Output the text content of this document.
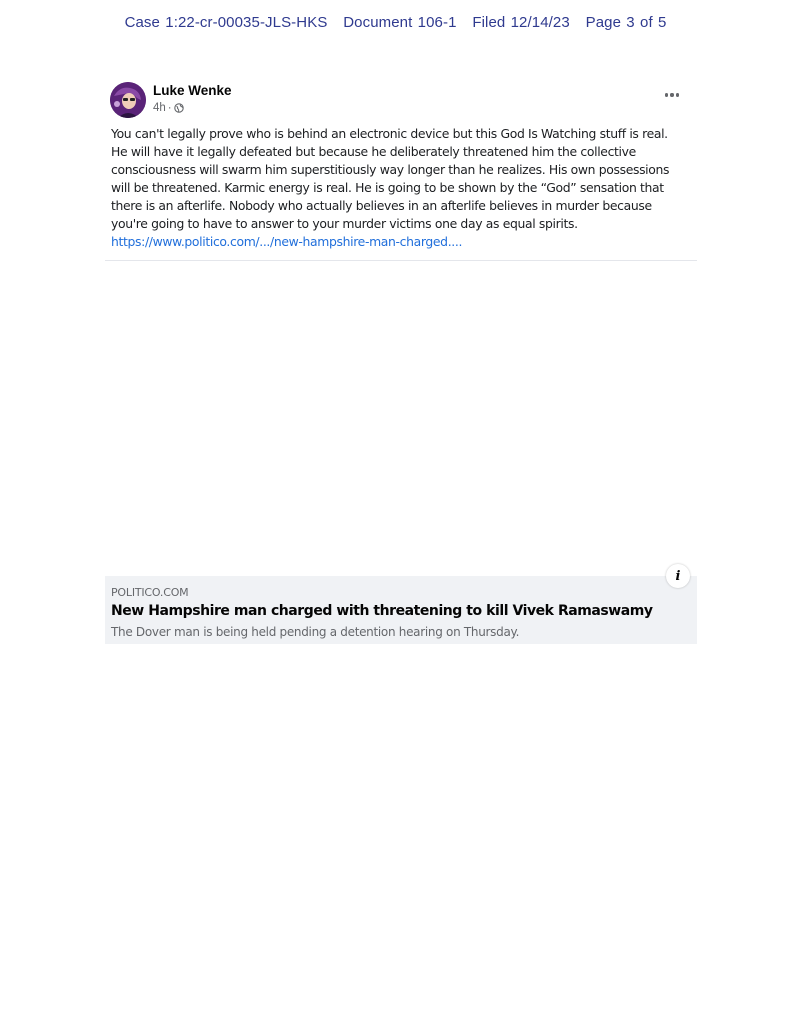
Case 1:22-cr-00035-JLS-HKS   Document 106-1   Filed 12/14/23   Page 3 of 5
Luke Wenke
4h ·
You can't legally prove who is behind an electronic device but this God Is Watching stuff is real.
He will have it legally defeated but because he deliberately threatened him the collective
consciousness will swarm him superstitiously way longer than he realizes. His own possessions
will be threatened. Karmic energy is real. He is going to be shown by the “God” sensation that
there is an afterlife. Nobody who actually believes in an afterlife believes in murder because
you're going to have to answer to your murder victims one day as equal spirits.
https://www.politico.com/.../new-hampshire-man-charged....
i
POLITICO.COM
New Hampshire man charged with threatening to kill Vivek Ramaswamy
The Dover man is being held pending a detention hearing on Thursday.
